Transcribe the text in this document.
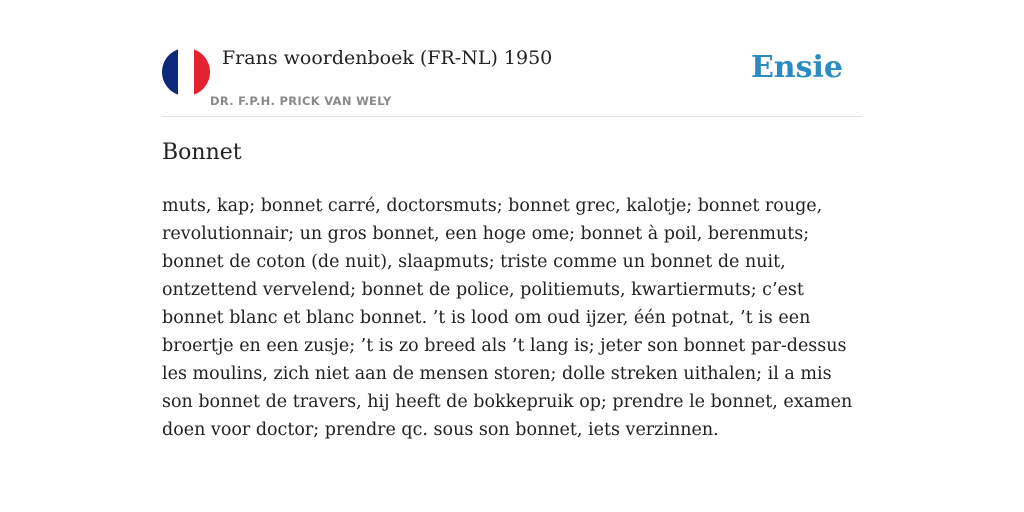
Frans woordenboek (FR-NL) 1950
DR. F.P.H. PRICK VAN WELY
Ensie
Bonnet

muts, kap; bonnet carré, doctorsmuts; bonnet grec, kalotje; bonnet rouge, revolutionnair; un gros bonnet, een hoge ome; bonnet à poil, berenmuts; bonnet de coton (de nuit), slaapmuts; triste comme un bonnet de nuit, ontzettend vervelend; bonnet de police, politiemuts, kwartiermuts; c’est bonnet blanc et blanc bonnet. ’t is lood om oud ijzer, één potnat, ’t is een broertje en een zusje; ’t is zo breed als ’t lang is; jeter son bonnet par-dessus les moulins, zich niet aan de mensen storen; dolle streken uithalen; il a mis son bonnet de travers, hij heeft de bokkepruik op; prendre le bonnet, examen doen voor doctor; prendre qc. sous son bonnet, iets verzinnen.
